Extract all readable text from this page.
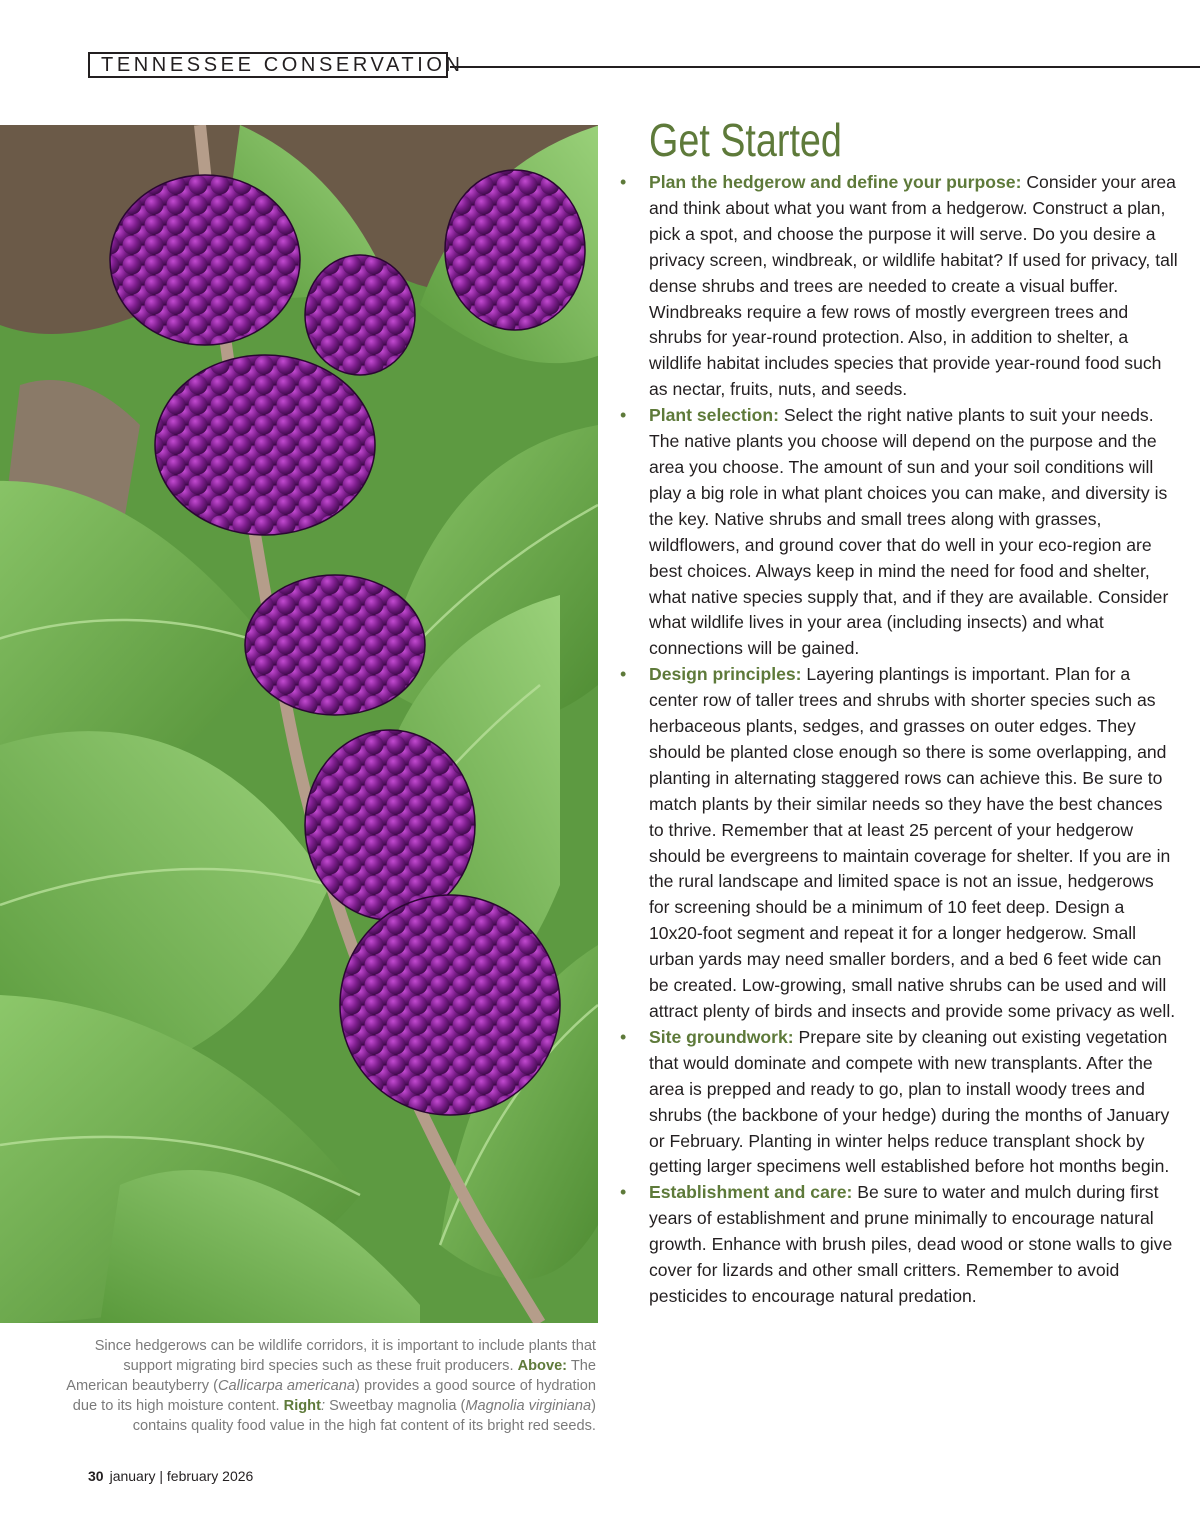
TENNESSEE CONSERVATION
Since hedgerows can be wildlife corridors, it is important to include plants that support migrating bird species such as these fruit producers. Above: The American beautyberry (Callicarpa americana) provides a good source of hydration due to its high moisture content. Right: Sweetbay magnolia (Magnolia virginiana) contains quality food value in the high fat content of its bright red seeds.
Get Started
• Plan the hedgerow and define your purpose: Consider your area and think about what you want from a hedgerow. Construct a plan, pick a spot, and choose the purpose it will serve. Do you desire a privacy screen, windbreak, or wildlife habitat? If used for privacy, tall dense shrubs and trees are needed to create a visual buffer. Windbreaks require a few rows of mostly evergreen trees and shrubs for year-round protection. Also, in addition to shelter, a wildlife habitat includes species that provide year-round food such as nectar, fruits, nuts, and seeds.
• Plant selection: Select the right native plants to suit your needs. The native plants you choose will depend on the purpose and the area you choose. The amount of sun and your soil conditions will play a big role in what plant choices you can make, and diversity is the key. Native shrubs and small trees along with grasses, wildflowers, and ground cover that do well in your eco-region are best choices. Always keep in mind the need for food and shelter, what native species supply that, and if they are available. Consider what wildlife lives in your area (including insects) and what connections will be gained.
• Design principles: Layering plantings is important. Plan for a center row of taller trees and shrubs with shorter species such as herbaceous plants, sedges, and grasses on outer edges. They should be planted close enough so there is some overlapping, and planting in alternating staggered rows can achieve this. Be sure to match plants by their similar needs so they have the best chances to thrive. Remember that at least 25 percent of your hedgerow should be evergreens to maintain coverage for shelter. If you are in the rural landscape and limited space is not an issue, hedgerows for screening should be a minimum of 10 feet deep. Design a 10x20-foot segment and repeat it for a longer hedgerow. Small urban yards may need smaller borders, and a bed 6 feet wide can be created. Low-growing, small native shrubs can be used and will attract plenty of birds and insects and provide some privacy as well.
• Site groundwork: Prepare site by cleaning out existing vegetation that would dominate and compete with new transplants. After the area is prepped and ready to go, plan to install woody trees and shrubs (the backbone of your hedge) during the months of January or February. Planting in winter helps reduce transplant shock by getting larger specimens well established before hot months begin.
• Establishment and care: Be sure to water and mulch during first years of establishment and prune minimally to encourage natural growth. Enhance with brush piles, dead wood or stone walls to give cover for lizards and other small critters. Remember to avoid pesticides to encourage natural predation.
30 january | february 2026
